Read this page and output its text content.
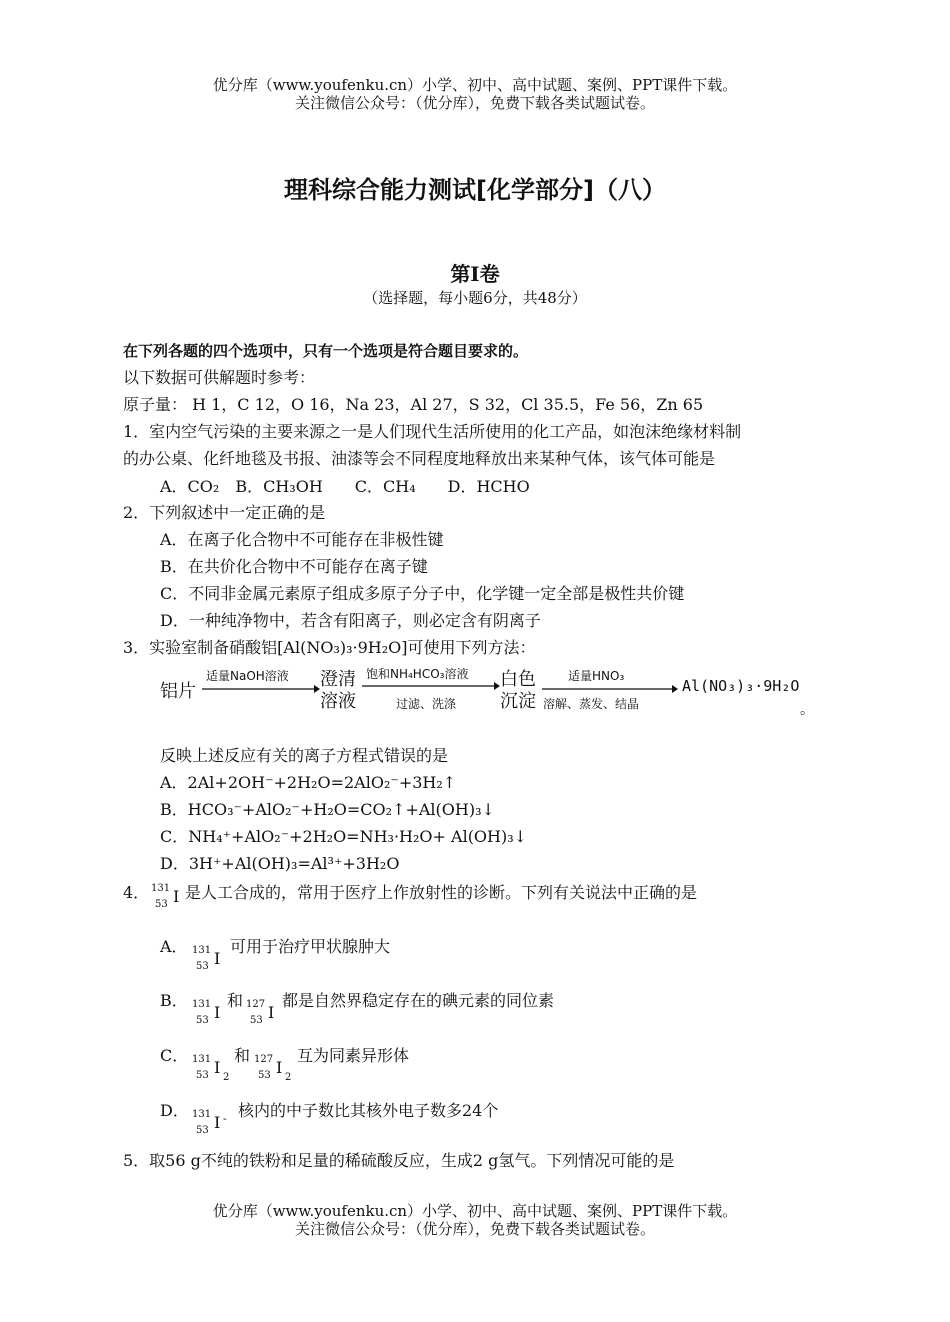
优分库（www.youfenku.cn）小学、初中、高中试题、案例、PPT课件下载。
关注微信公众号：（优分库），免费下载各类试题试卷。
理科综合能力测试[化学部分]（八）
第Ⅰ卷
（选择题，每小题6分，共48分）
在下列各题的四个选项中，只有一个选项是符合题目要求的。
以下数据可供解题时参考：
原子量： H 1，C 12，O 16，Na 23，Al 27，S 32，Cl 35.5，Fe 56，Zn 65
1．室内空气污染的主要来源之一是人们现代生活所使用的化工产品，如泡沫绝缘材料制
的办公桌、化纤地毯及书报、油漆等会不同程度地释放出来某种气体，该气体可能是
A．CO₂　B．CH₃OH　　C．CH₄　　D．HCHO
2．下列叙述中一定正确的是
A．在离子化合物中不可能存在非极性键
B．在共价化合物中不可能存在离子键
C．不同非金属元素原子组成多原子分子中，化学键一定全部是极性共价键
D．一种纯净物中，若含有阳离子，则必定含有阴离子
3．实验室制备硝酸铝[Al(NO₃)₃·9H₂O]可使用下列方法：
铝片
适量NaOH溶液 澄清
溶液
饱和NH₄HCO₃溶液
过滤、洗涤
白色
沉淀
适量HNO₃
溶解、蒸发、结晶
Al(NO₃)₃·9H₂O
。
反映上述反应有关的离子方程式错误的是
A．2Al+2OH⁻+2H₂O=2AlO₂⁻+3H₂↑
B．HCO₃⁻+AlO₂⁻+H₂O=CO₂↑+Al(OH)₃↓
C．NH₄⁺+AlO₂⁻+2H₂O=NH₃·H₂O+ Al(OH)₃↓
D．3H⁺+Al(OH)₃=Al³⁺+3H₂O
4． 131
53 I 是人工合成的，常用于医疗上作放射性的诊断。下列有关说法中正确的是
A． 131
53 I
可用于治疗甲状腺肿大
B． 131
53 I
和 127
53 I
都是自然界稳定存在的碘元素的同位素
C． 131
53 I
2
和 127
53 I
2
互为同素异形体
D． 131
53 I - 核内的中子数比其核外电子数多24个
5．取56 g不纯的铁粉和足量的稀硫酸反应，生成2 g氢气。下列情况可能的是
优分库（www.youfenku.cn）小学、初中、高中试题、案例、PPT课件下载。
关注微信公众号：（优分库），免费下载各类试题试卷。
